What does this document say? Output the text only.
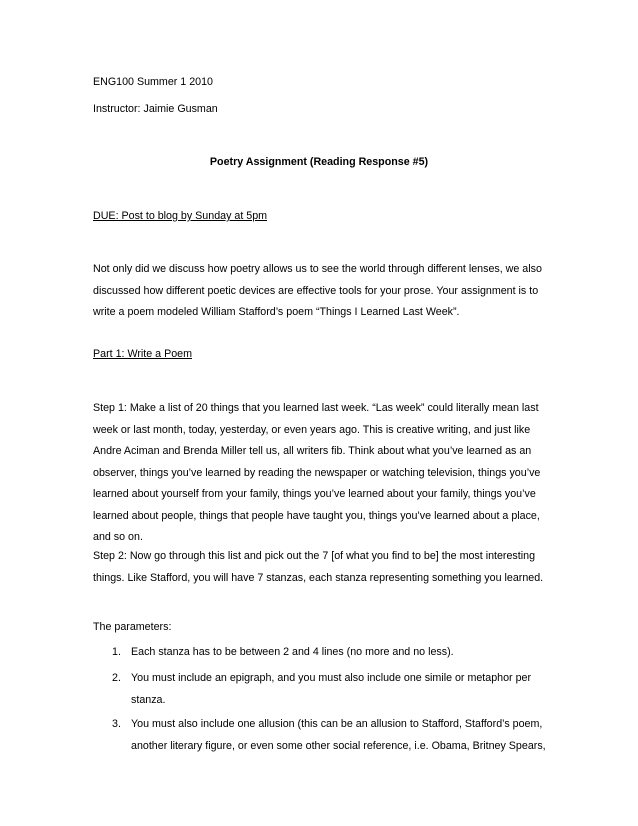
ENG100 Summer 1 2010

Instructor: Jaimie Gusman

Poetry Assignment (Reading Response #5)

DUE: Post to blog by Sunday at 5pm

Not only did we discuss how poetry allows us to see the world through different lenses, we also discussed how different poetic devices are effective tools for your prose. Your assignment is to write a poem modeled William Stafford’s poem “Things I Learned Last Week”.

Part 1: Write a Poem

Step 1: Make a list of 20 things that you learned last week. “Las week” could literally mean last week or last month, today, yesterday, or even years ago. This is creative writing, and just like Andre Aciman and Brenda Miller tell us, all writers fib. Think about what you’ve learned as an observer, things you’ve learned by reading the newspaper or watching television, things you’ve learned about yourself from your family, things you’ve learned about your family, things you’ve learned about people, things that people have taught you, things you’ve learned about a place, and so on.

Step 2: Now go through this list and pick out the 7 [of what you find to be] the most interesting things. Like Stafford, you will have 7 stanzas, each stanza representing something you learned.

The parameters:

1. Each stanza has to be between 2 and 4 lines (no more and no less).
2. You must include an epigraph, and you must also include one simile or metaphor per stanza.
3. You must also include one allusion (this can be an allusion to Stafford, Stafford’s poem, another literary figure, or even some other social reference, i.e. Obama, Britney Spears,
